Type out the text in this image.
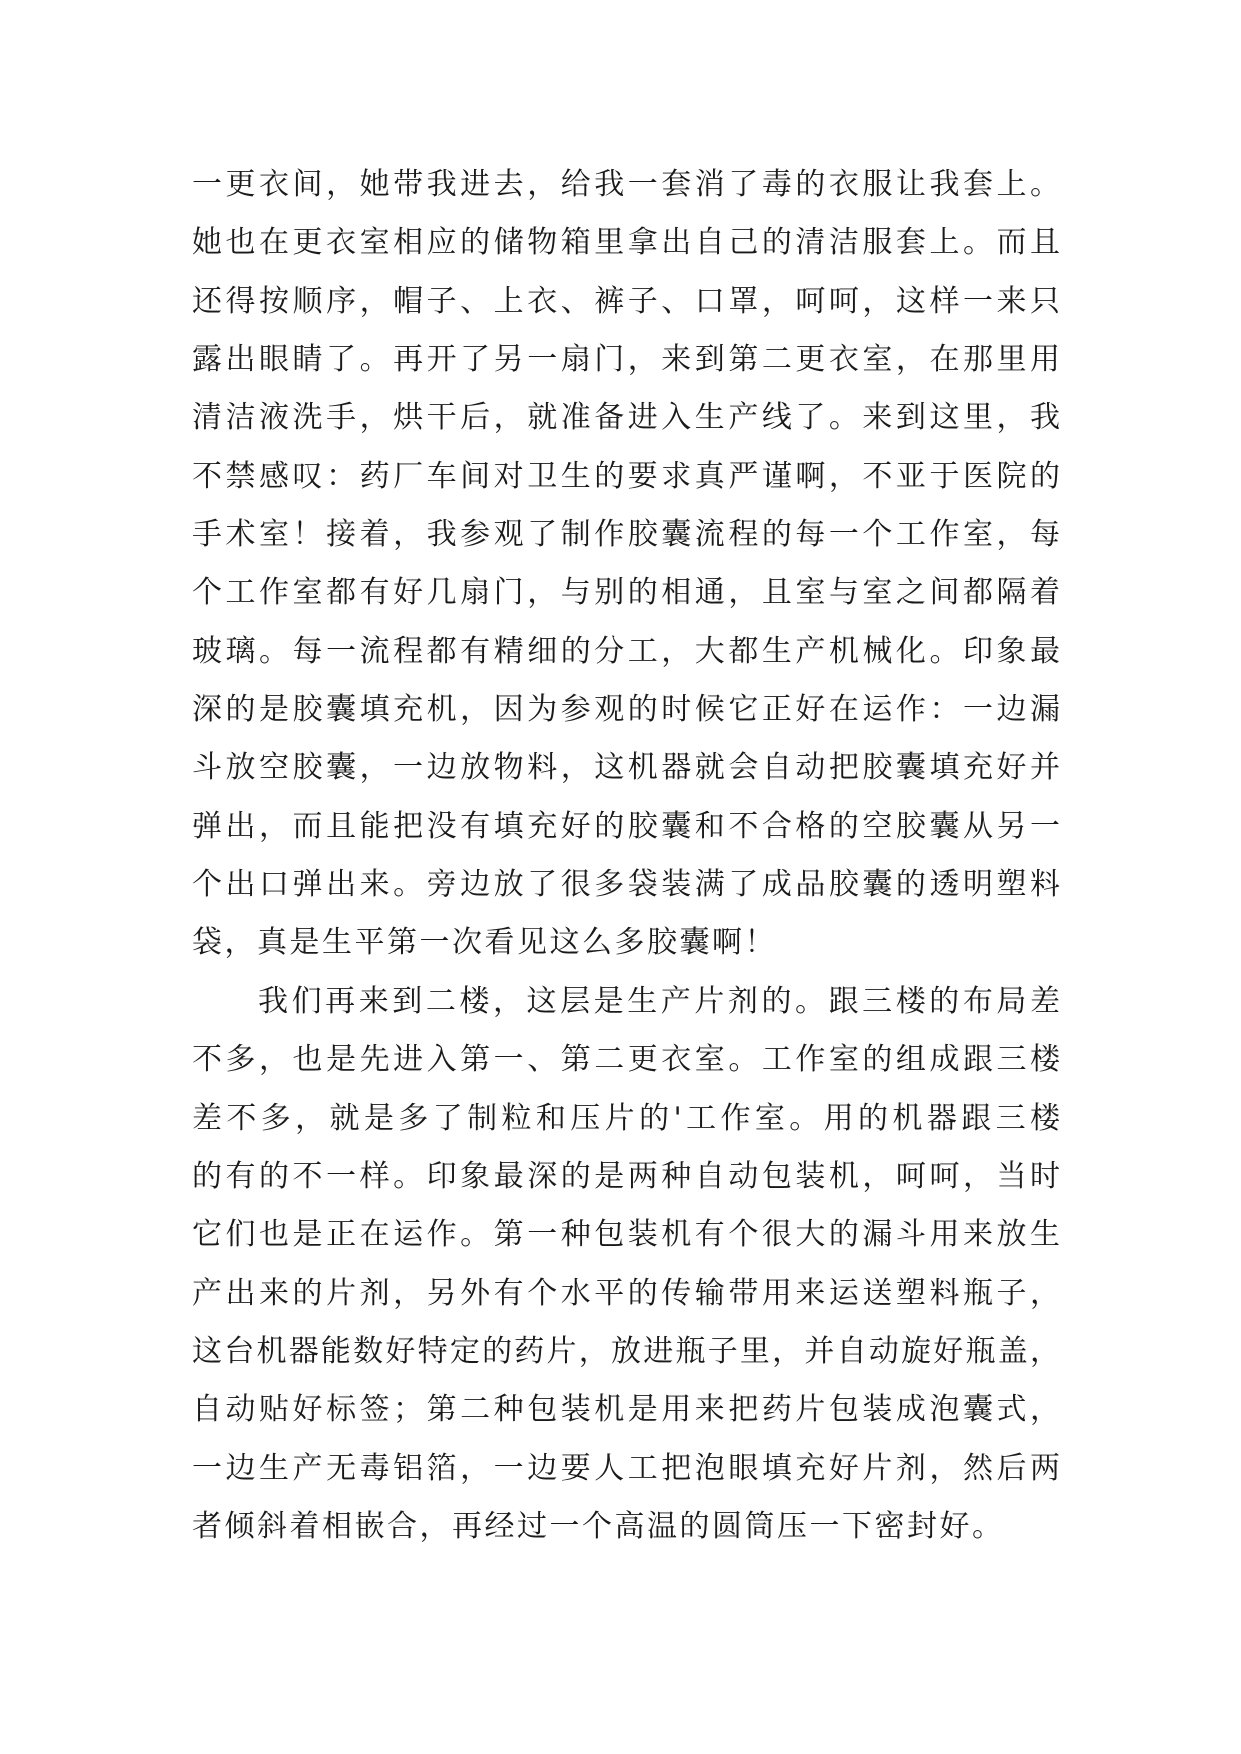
一更衣间，她带我进去，给我一套消了毒的衣服让我套上。
她也在更衣室相应的储物箱里拿出自己的清洁服套上。而且
还得按顺序，帽子、上衣、裤子、口罩，呵呵，这样一来只
露出眼睛了。再开了另一扇门，来到第二更衣室，在那里用
清洁液洗手，烘干后，就准备进入生产线了。来到这里，我
不禁感叹：药厂车间对卫生的要求真严谨啊，不亚于医院的
手术室！接着，我参观了制作胶囊流程的每一个工作室，每
个工作室都有好几扇门，与别的相通，且室与室之间都隔着
玻璃。每一流程都有精细的分工，大都生产机械化。印象最
深的是胶囊填充机，因为参观的时候它正好在运作：一边漏
斗放空胶囊，一边放物料，这机器就会自动把胶囊填充好并
弹出，而且能把没有填充好的胶囊和不合格的空胶囊从另一
个出口弹出来。旁边放了很多袋装满了成品胶囊的透明塑料
袋，真是生平第一次看见这么多胶囊啊！
我们再来到二楼，这层是生产片剂的。跟三楼的布局差
不多，也是先进入第一、第二更衣室。工作室的组成跟三楼
差不多，就是多了制粒和压片的'工作室。用的机器跟三楼
的有的不一样。印象最深的是两种自动包装机，呵呵，当时
它们也是正在运作。第一种包装机有个很大的漏斗用来放生
产出来的片剂，另外有个水平的传输带用来运送塑料瓶子，
这台机器能数好特定的药片，放进瓶子里，并自动旋好瓶盖，
自动贴好标签；第二种包装机是用来把药片包装成泡囊式，
一边生产无毒铝箔，一边要人工把泡眼填充好片剂，然后两
者倾斜着相嵌合，再经过一个高温的圆筒压一下密封好。
